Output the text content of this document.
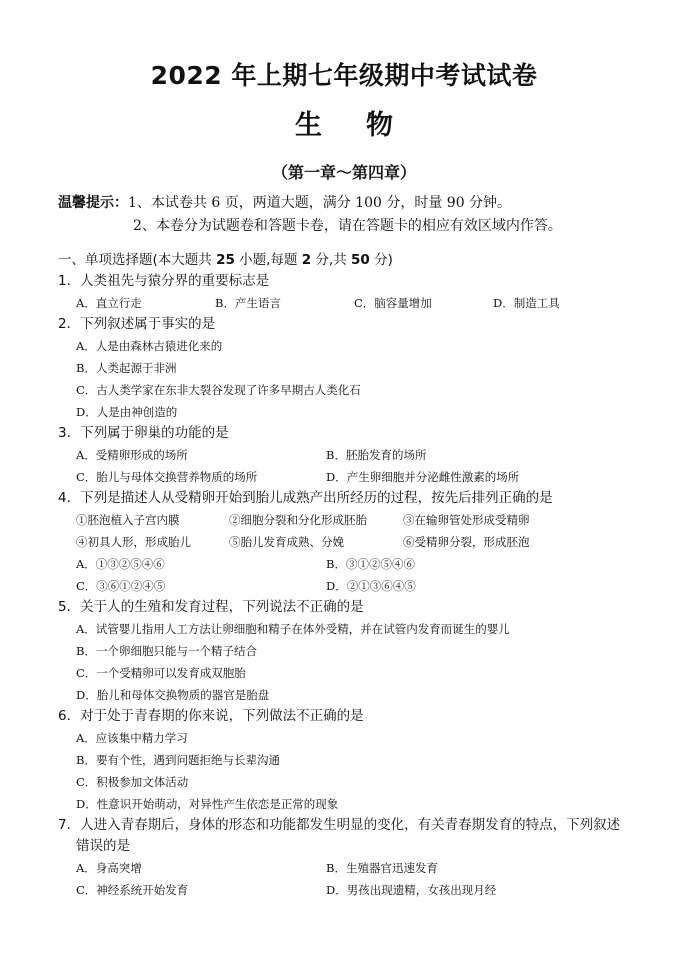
2022 年上期七年级期中考试试卷
生物
（第一章～第四章）
温馨提示：1、本试卷共 6 页，两道大题，满分 100 分，时量 90 分钟。
2、本卷分为试题卷和答题卡卷，请在答题卡的相应有效区域内作答。
一、单项选择题(本大题共 25 小题,每题 2 分,共 50 分)
1．人类祖先与猿分界的重要标志是
A．直立行走	B．产生语言	C．脑容量增加	D．制造工具
2．下列叙述属于事实的是
A．人是由森林古猿进化来的
B．人类起源于非洲
C．古人类学家在东非大裂谷发现了许多早期古人类化石
D．人是由神创造的
3．下列属于卵巢的功能的是
A．受精卵形成的场所	B．胚胎发育的场所
C．胎儿与母体交换营养物质的场所	D．产生卵细胞并分泌雌性激素的场所
4．下列是描述人从受精卵开始到胎儿成熟产出所经历的过程，按先后排列正确的是
①胚泡植入子宫内膜	②细胞分裂和分化形成胚胎	③在输卵管处形成受精卵
④初具人形，形成胎儿	⑤胎儿发育成熟、分娩	⑥受精卵分裂，形成胚泡
A．①③②⑤④⑥	B．③①②⑤④⑥
C．③⑥①②④⑤	D．②①③⑥④⑤
5．关于人的生殖和发育过程，下列说法不正确的是
A．试管婴儿指用人工方法让卵细胞和精子在体外受精，并在试管内发育而诞生的婴儿
B．一个卵细胞只能与一个精子结合
C．一个受精卵可以发育成双胞胎
D．胎儿和母体交换物质的器官是胎盘
6．对于处于青春期的你来说，下列做法不正确的是
A．应该集中精力学习
B．要有个性，遇到问题拒绝与长辈沟通
C．积极参加文体活动
D．性意识开始萌动，对异性产生依恋是正常的现象
7．人进入青春期后，身体的形态和功能都发生明显的变化，有关青春期发育的特点，下列叙述
错误的是
A．身高突增	B．生殖器官迅速发育
C．神经系统开始发育	D．男孩出现遗精，女孩出现月经
